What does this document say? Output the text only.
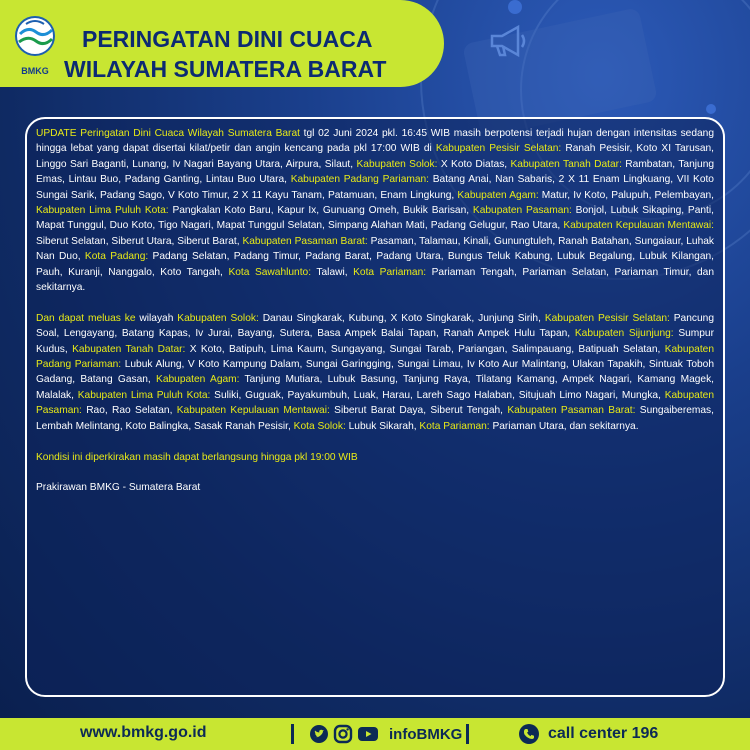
BMKG
PERINGATAN DINI CUACA
WILAYAH SUMATERA BARAT

UPDATE Peringatan Dini Cuaca Wilayah Sumatera Barat tgl 02 Juni 2024 pkl. 16:45 WIB masih berpotensi terjadi hujan dengan intensitas sedang hingga lebat yang dapat disertai kilat/petir dan angin kencang pada pkl 17:00 WIB di Kabupaten Pesisir Selatan: Ranah Pesisir, Koto XI Tarusan, Linggo Sari Baganti, Lunang, Iv Nagari Bayang Utara, Airpura, Silaut, Kabupaten Solok: X Koto Diatas, Kabupaten Tanah Datar: Rambatan, Tanjung Emas, Lintau Buo, Padang Ganting, Lintau Buo Utara, Kabupaten Padang Pariaman: Batang Anai, Nan Sabaris, 2 X 11 Enam Lingkuang, VII Koto Sungai Sarik, Padang Sago, V Koto Timur, 2 X 11 Kayu Tanam, Patamuan, Enam Lingkung, Kabupaten Agam: Matur, Iv Koto, Palupuh, Pelembayan, Kabupaten Lima Puluh Kota: Pangkalan Koto Baru, Kapur Ix, Gunuang Omeh, Bukik Barisan, Kabupaten Pasaman: Bonjol, Lubuk Sikaping, Panti, Mapat Tunggul, Duo Koto, Tigo Nagari, Mapat Tunggul Selatan, Simpang Alahan Mati, Padang Gelugur, Rao Utara, Kabupaten Kepulauan Mentawai: Siberut Selatan, Siberut Utara, Siberut Barat, Kabupaten Pasaman Barat: Pasaman, Talamau, Kinali, Gunungtuleh, Ranah Batahan, Sungaiaur, Luhak Nan Duo, Kota Padang: Padang Selatan, Padang Timur, Padang Barat, Padang Utara, Bungus Teluk Kabung, Lubuk Begalung, Lubuk Kilangan, Pauh, Kuranji, Nanggalo, Koto Tangah, Kota Sawahlunto: Talawi, Kota Pariaman: Pariaman Tengah, Pariaman Selatan, Pariaman Timur, dan sekitarnya.

Dan dapat meluas ke wilayah Kabupaten Solok: Danau Singkarak, Kubung, X Koto Singkarak, Junjung Sirih, Kabupaten Pesisir Selatan: Pancung Soal, Lengayang, Batang Kapas, Iv Jurai, Bayang, Sutera, Basa Ampek Balai Tapan, Ranah Ampek Hulu Tapan, Kabupaten Sijunjung: Sumpur Kudus, Kabupaten Tanah Datar: X Koto, Batipuh, Lima Kaum, Sungayang, Sungai Tarab, Pariangan, Salimpauang, Batipuah Selatan, Kabupaten Padang Pariaman: Lubuk Alung, V Koto Kampung Dalam, Sungai Garingging, Sungai Limau, Iv Koto Aur Malintang, Ulakan Tapakih, Sintuak Toboh Gadang, Batang Gasan, Kabupaten Agam: Tanjung Mutiara, Lubuk Basung, Tanjung Raya, Tilatang Kamang, Ampek Nagari, Kamang Magek, Malalak, Kabupaten Lima Puluh Kota: Suliki, Guguak, Payakumbuh, Luak, Harau, Lareh Sago Halaban, Situjuah Limo Nagari, Mungka, Kabupaten Pasaman: Rao, Rao Selatan, Kabupaten Kepulauan Mentawai: Siberut Barat Daya, Siberut Tengah, Kabupaten Pasaman Barat: Sungaiberemas, Lembah Melintang, Koto Balingka, Sasak Ranah Pesisir, Kota Solok: Lubuk Sikarah, Kota Pariaman: Pariaman Utara, dan sekitarnya.

Kondisi ini diperkirakan masih dapat berlangsung hingga pkl 19:00 WIB

Prakirawan BMKG - Sumatera Barat

www.bmkg.go.id	infoBMKG	call center 196
